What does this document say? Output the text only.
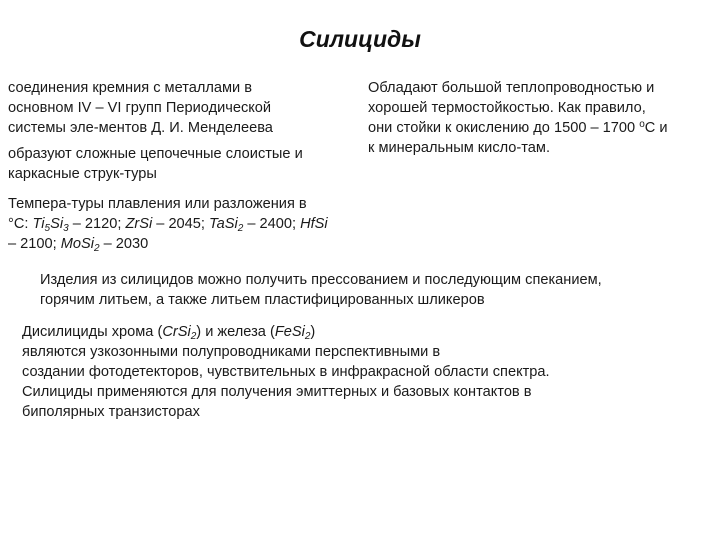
Силициды
соединения кремния с металлами в
основном IV – VI групп Периодической
системы эле-ментов Д. И. Менделеева
образуют сложные цепочечные слоистые и
каркасные струк-туры
Обладают большой теплопроводностью и
хорошей термостойкостью. Как правило,
они стойки к окислению до 1500 – 1700 $^о$С и
к минеральным кисло-там.
Темпера-туры плавления или разложения в
°С: $Ti_5Si_3 - 2120$; ZrSi – 2045; TaSi$_2$ – 2400; HfSi
– 2100; MoSi$_2$ – 2030
Изделия из силицидов можно получить прессованием и последующим спеканием,
горячим литьем, а также литьем пластифицированных шликеров
Дисилициды хрома (CrSi$_2$) и железа (FeSi$_2$)
являются узкозонными полупроводниками перспективными в
создании фотодетекторов, чувствительных в инфракрасной области спектра.
Силициды применяются для получения эмиттерных и базовых контактов в
биполярных транзисторах
